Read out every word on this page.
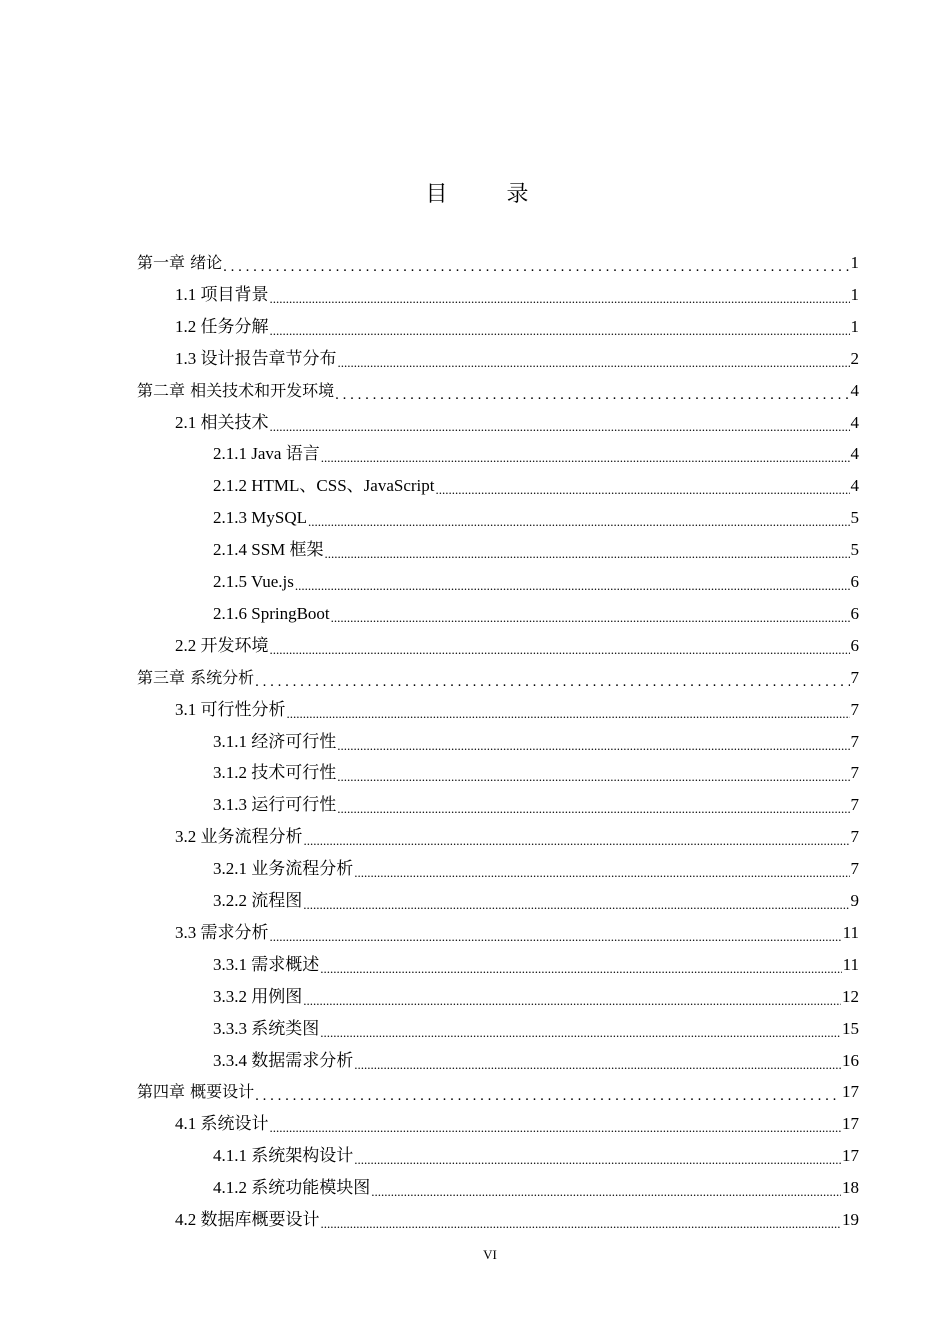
目 录
第一章 绪论 . . .	1
1.1 项目背景 .....	1
1.2 任务分解 .....	1
1.3 设计报告章节分布 .....	2
第二章 相关技术和开发环境 . . .	4
2.1 相关技术 .....	4
2.1.1 Java 语言 .....	4
2.1.2 HTML、CSS、JavaScript .....	4
2.1.3 MySQL .....	5
2.1.4 SSM 框架 .....	5
2.1.5 Vue.js .....	6
2.1.6 SpringBoot .....	6
2.2 开发环境 .....	6
第三章 系统分析 . . .	7
3.1 可行性分析 .....	7
3.1.1 经济可行性 .....	7
3.1.2 技术可行性 .....	7
3.1.3 运行可行性 .....	7
3.2 业务流程分析 .....	7
3.2.1 业务流程分析 .....	7
3.2.2 流程图 .....	9
3.3 需求分析 .....	11
3.3.1 需求概述 .....	11
3.3.2 用例图 .....	12
3.3.3 系统类图 .....	15
3.3.4 数据需求分析 .....	16
第四章 概要设计 . . .	17
4.1 系统设计 .....	17
4.1.1 系统架构设计 .....	17
4.1.2 系统功能模块图 .....	18
4.2 数据库概要设计 .....	19
VI
